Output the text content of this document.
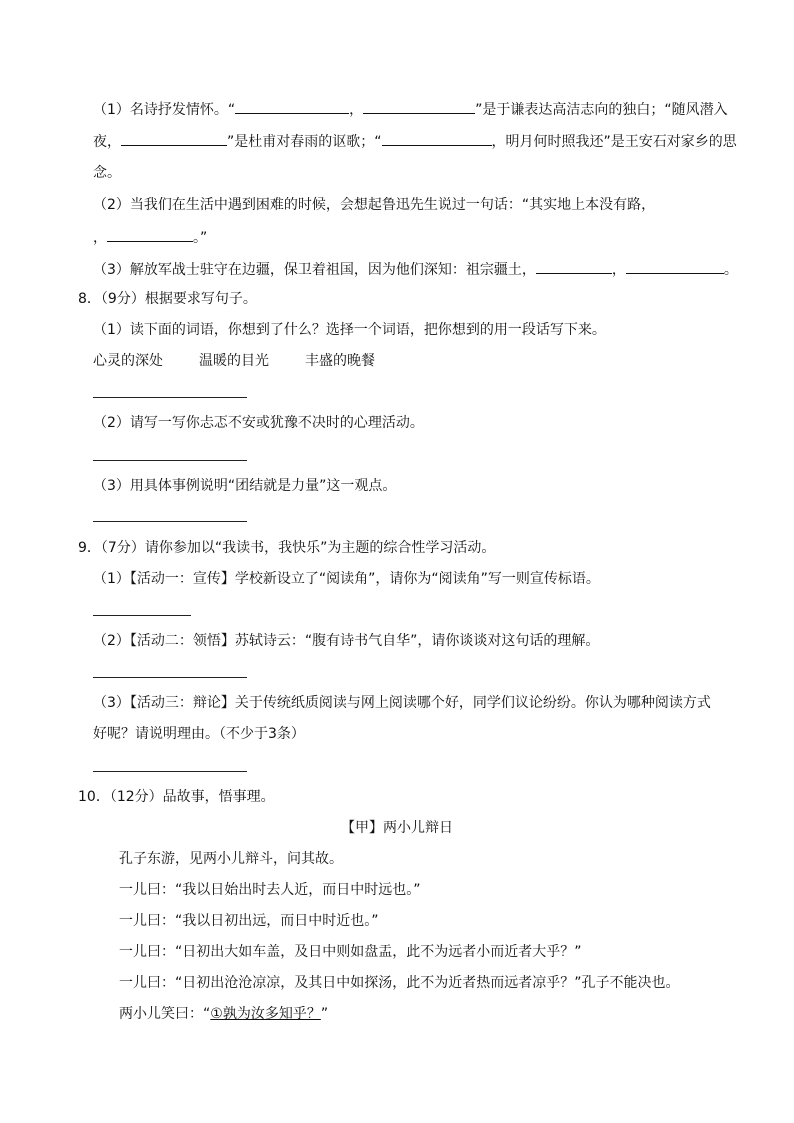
（1）名诗抒发情怀。“	，	”是于谦表达高洁志向的独白；“随风潜入
夜，	”是杜甫对春雨的讴歌；“	，明月何时照我还”是王安石对家乡的思
念。
（2）当我们在生活中遇到困难的时候，会想起鲁迅先生说过一句话：“其实地上本没有路，
，	。”
（3）解放军战士驻守在边疆，保卫着祖国，因为他们深知：祖宗疆土，	，	。
8．（9分）根据要求写句子。
（1）读下面的词语，你想到了什么？选择一个词语，把你想到的用一段话写下来。
心灵的深处	温暖的目光	丰盛的晚餐
（2）请写一写你忐忑不安或犹豫不决时的心理活动。
（3）用具体事例说明“团结就是力量”这一观点。
9．（7分）请你参加以“我读书，我快乐”为主题的综合性学习活动。
（1）【活动一：宣传】学校新设立了“阅读角”，请你为“阅读角”写一则宣传标语。
（2）【活动二：领悟】苏轼诗云：“腹有诗书气自华”，请你谈谈对这句话的理解。
（3）【活动三：辩论】关于传统纸质阅读与网上阅读哪个好，同学们议论纷纷。你认为哪种阅读方式
好呢？请说明理由。（不少于3条）
10．（12分）品故事，悟事理。
【甲】两小儿辩日
孔子东游，见两小儿辩斗，问其故。
一儿曰：“我以日始出时去人近，而日中时远也。”
一儿曰：“我以日初出远，而日中时近也。”
一儿曰：“日初出大如车盖，及日中则如盘盂，此不为远者小而近者大乎？”
一儿曰：“日初出沧沧凉凉，及其日中如探汤，此不为近者热而远者凉乎？”孔子不能决也。
两小儿笑曰：“①孰为汝多知乎？”
